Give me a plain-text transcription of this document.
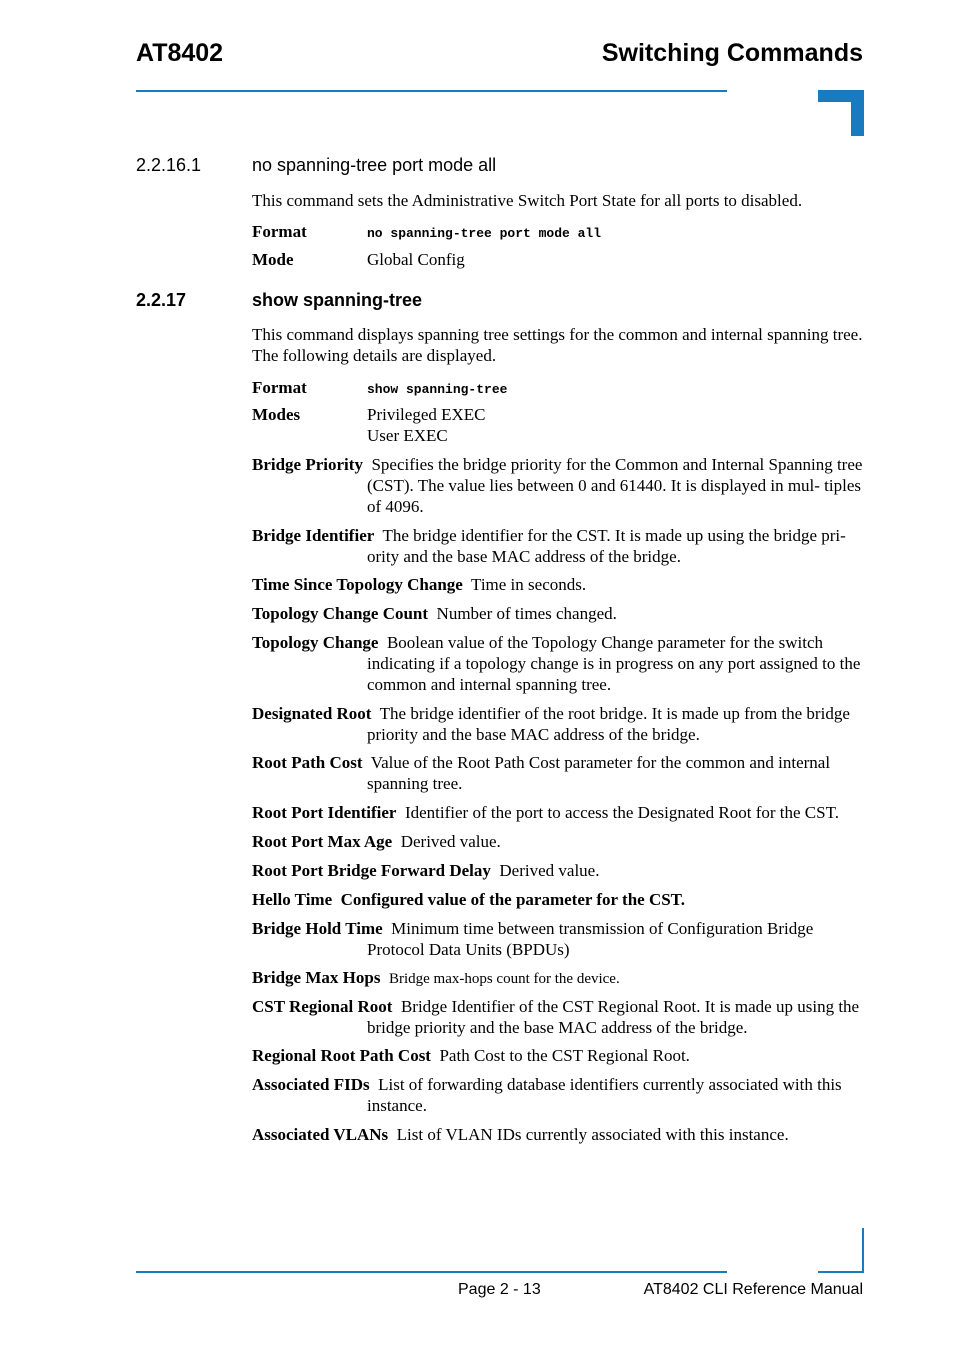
AT8402	Switching Commands
2.2.16.1	no spanning-tree port mode all

This command sets the Administrative Switch Port State for all ports to disabled.

Format	no spanning-tree port mode all
Mode	Global Config
2.2.17	show spanning-tree

This command displays spanning tree settings for the common and internal spanning tree. The following details are displayed.

Format	show spanning-tree
Modes	Privileged EXEC
User EXEC
Bridge Priority Specifies the bridge priority for the Common and Internal Spanning tree (CST). The value lies between 0 and 61440. It is displayed in mul- tiples of 4096.
Bridge Identifier The bridge identifier for the CST. It is made up using the bridge pri- ority and the base MAC address of the bridge.
Time Since Topology Change Time in seconds.
Topology Change Count Number of times changed.
Topology Change Boolean value of the Topology Change parameter for the switch indicating if a topology change is in progress on any port assigned to the common and internal spanning tree.
Designated Root The bridge identifier of the root bridge. It is made up from the bridge priority and the base MAC address of the bridge.
Root Path Cost Value of the Root Path Cost parameter for the common and internal spanning tree.
Root Port Identifier Identifier of the port to access the Designated Root for the CST.
Root Port Max Age Derived value.
Root Port Bridge Forward Delay Derived value.
Hello Time Configured value of the parameter for the CST.
Bridge Hold Time Minimum time between transmission of Configuration Bridge Protocol Data Units (BPDUs)
Bridge Max Hops Bridge max-hops count for the device.
CST Regional Root Bridge Identifier of the CST Regional Root. It is made up using the bridge priority and the base MAC address of the bridge.
Regional Root Path Cost Path Cost to the CST Regional Root.
Associated FIDs List of forwarding database identifiers currently associated with this instance.
Associated VLANs List of VLAN IDs currently associated with this instance.
Page 2 - 13	AT8402 CLI Reference Manual
